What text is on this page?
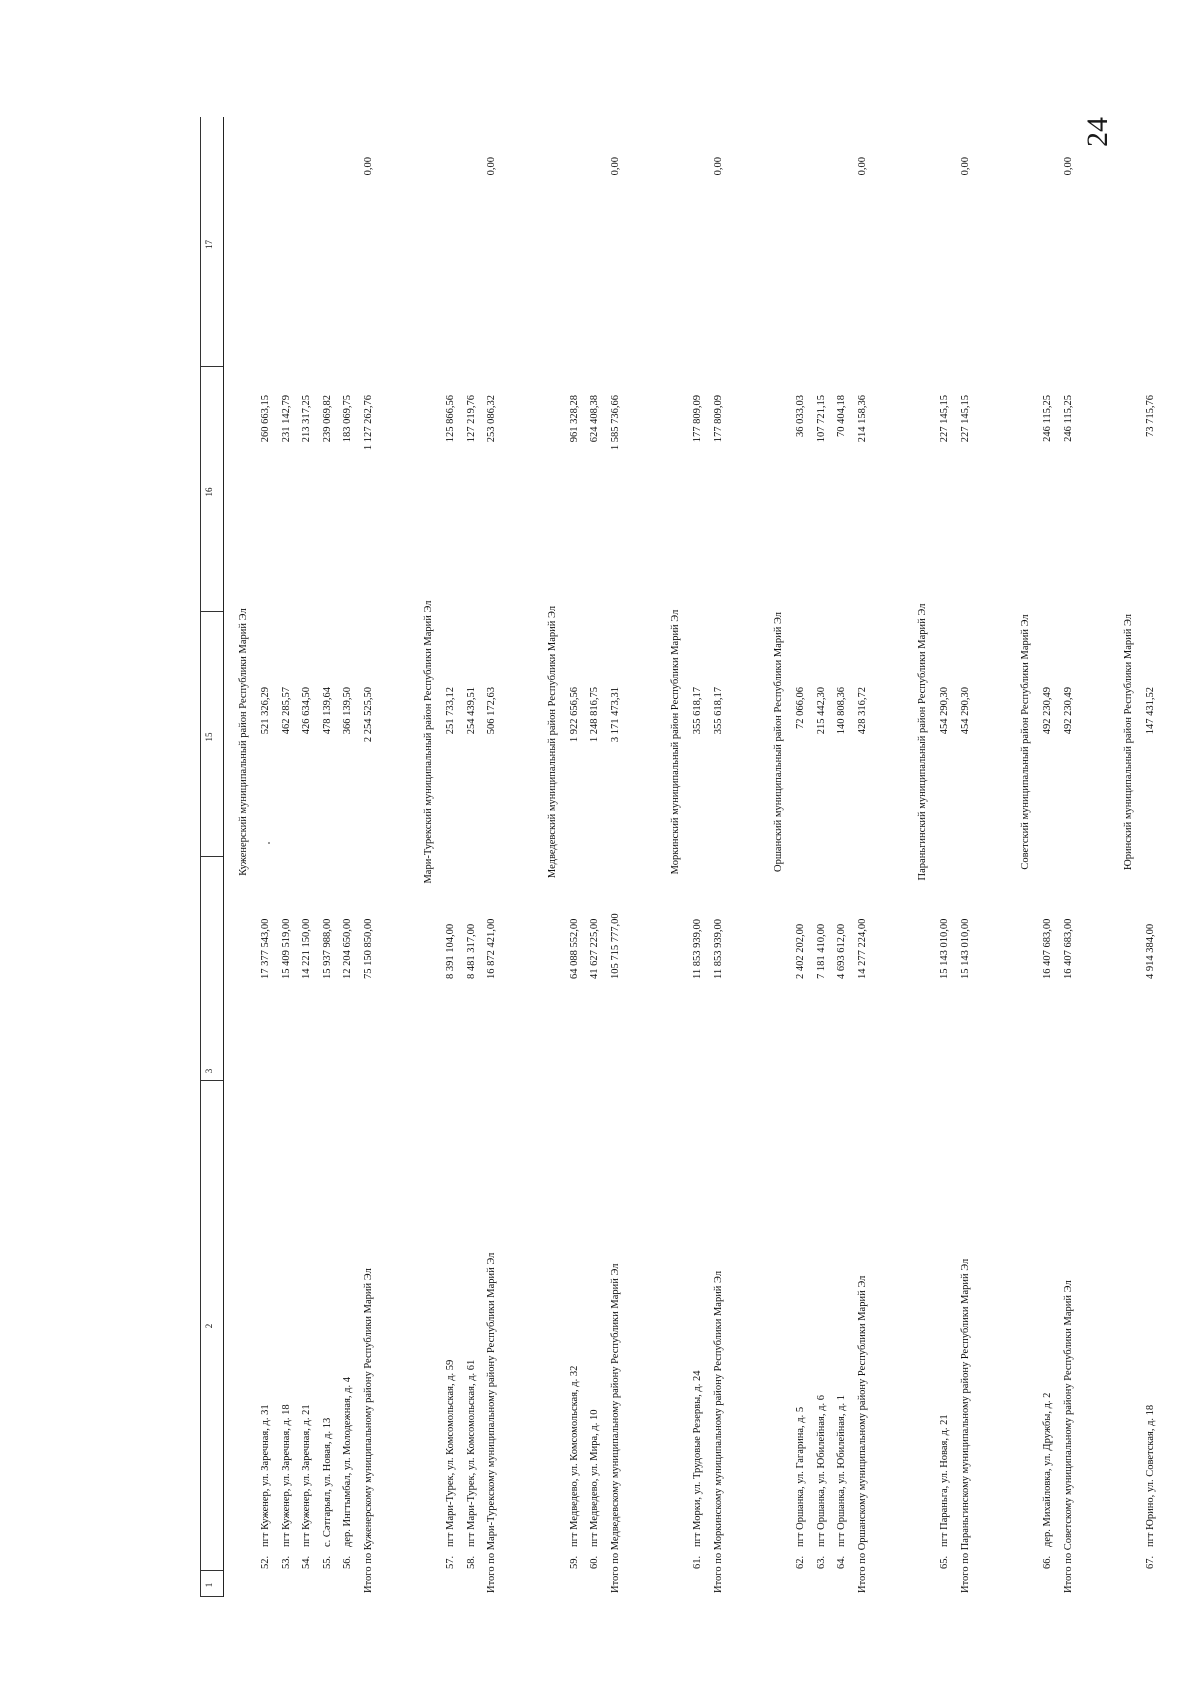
24
1
2
3
15
16
17
Куженерский муниципальный район Республики Марий Эл
52.
пгт Куженер, ул. Заречная, д. 31
17 377 543,00
521 326,29
260 663,15
53.
пгт Куженер, ул. Заречная, д. 18
15 409 519,00
462 285,57
231 142,79
54.
пгт Куженер, ул. Заречная, д. 21
14 221 150,00
426 634,50
213 317,25
55.
с. Сәтгарьял, ул. Новая, д. 13
15 937 988,00
478 139,64
239 069,82
56.
дер. Ингтымбал, ул. Молодежная, д. 4
12 204 650,00
366 139,50
183 069,75
Итого по Куженерскому муниципальному району Республики Марий Эл
75 150 850,00
2 254 525,50
1 127 262,76
0,00
Мари-Турекский муниципальный район Республики Марий Эл
57.
пгт Мари-Турек, ул. Комсомольская, д. 59
8 391 104,00
251 733,12
125 866,56
58.
пгт Мари-Турек, ул. Комсомольская, д. 61
8 481 317,00
254 439,51
127 219,76
Итого по Мари-Турекскому муниципальному району Республики Марий Эл
16 872 421,00
506 172,63
253 086,32
0,00
Медведевский муниципальный район Республики Марий Эл
59.
пгт Медведево, ул. Комсомольская, д. 32
64 088 552,00
1 922 656,56
961 328,28
60.
пгт Медведево, ул. Мира, д. 10
41 627 225,00
1 248 816,75
624 408,38
Итого по Медведевскому муниципальному району Республики Марий Эл
105 715 777,00
3 171 473,31
1 585 736,66
0,00
Моркинский муниципальный район Республики Марий Эл
61.
пгт Морки, ул. Трудовые Резервы, д. 24
11 853 939,00
355 618,17
177 809,09
Итого по Моркинскому муниципальному району Республики Марий Эл
11 853 939,00
355 618,17
177 809,09
0,00
Оршанский муниципальный район Республики Марий Эл
62.
пгт Оршанка, ул. Гагарина, д. 5
2 402 202,00
72 066,06
36 033,03
63.
пгт Оршанка, ул. Юбилейная, д. 6
7 181 410,00
215 442,30
107 721,15
64.
пгт Оршанка, ул. Юбилейная, д. 1
4 693 612,00
140 808,36
70 404,18
Итого по Оршанскому муниципальному району Республики Марий Эл
14 277 224,00
428 316,72
214 158,36
0,00
Параньгинский муниципальный район Республики Марий Эл
65.
пгт Параньга, ул. Новая, д. 21
15 143 010,00
454 290,30
227 145,15
Итого по Параньгинскому муниципальному району Республики Марий Эл
15 143 010,00
454 290,30
227 145,15
0,00
Советский муниципальный район Республики Марий Эл
66.
дер. Михайловка, ул. Дружбы, д. 2
16 407 683,00
492 230,49
246 115,25
Итого по Советскому муниципальному району Республики Марий Эл
16 407 683,00
492 230,49
246 115,25
0,00
Юринский муниципальный район Республики Марий Эл
67.
пгт Юрино, ул. Советская, д. 18
4 914 384,00
147 431,52
73 715,76
